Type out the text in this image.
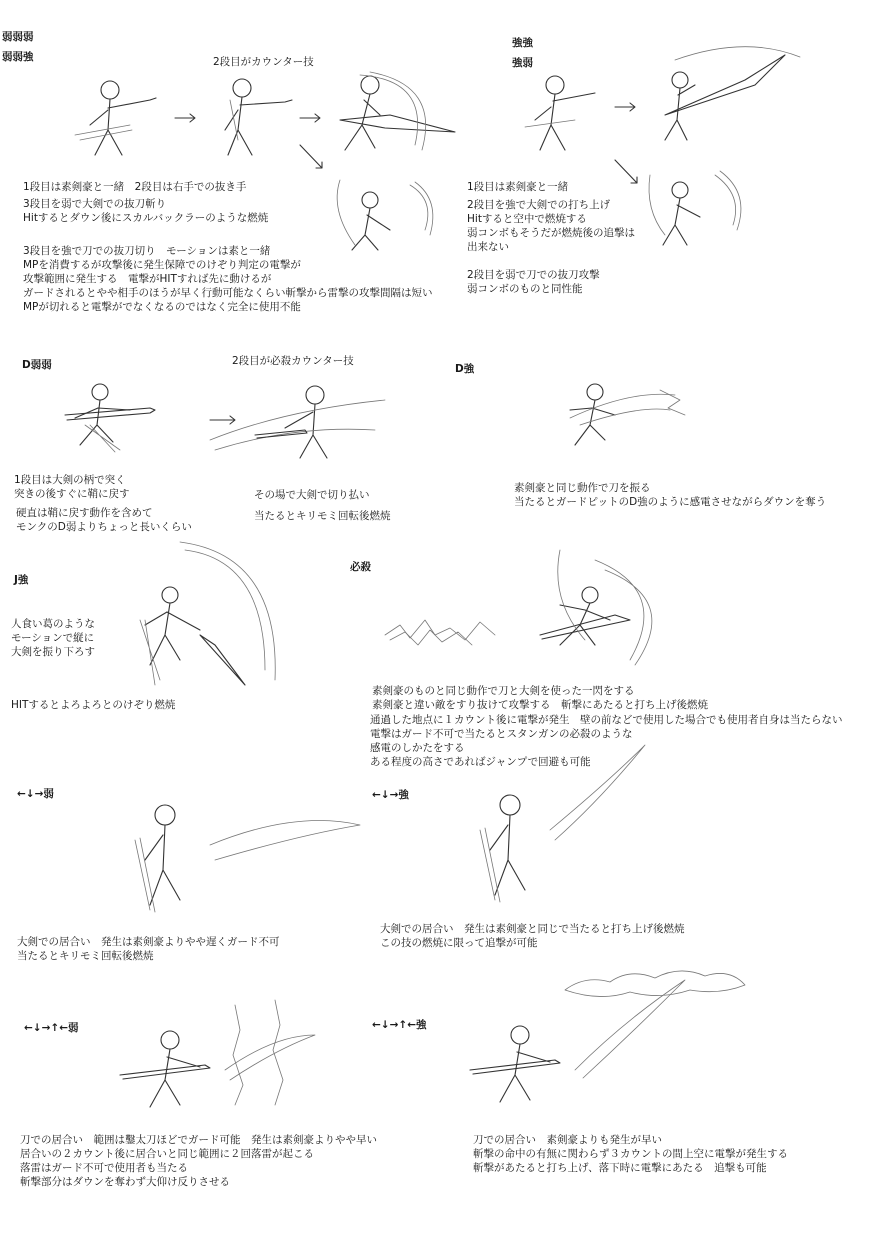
弱弱弱
弱弱強	2段目がカウンター技
1段目は素剣豪と一緒　2段目は右手での抜き手
3段目を弱で大剣での抜刀斬り
Hitするとダウン後にスカルバックラーのような燃焼
3段目を強で刀での抜刀切り　モーションは素と一緒
MPを消費するが攻撃後に発生保障でのけぞり判定の電撃が
攻撃範囲に発生する　電撃がHITすれば先に動けるが
ガードされるとやや相手のほうが早く行動可能なくらい斬撃から雷撃の攻撃間隔は短い
MPが切れると電撃がでなくなるのではなく完全に使用不能
強強
強弱
1段目は素剣豪と一緒
2段目を強で大剣での打ち上げ
Hitすると空中で燃焼する
弱コンボもそうだが燃焼後の追撃は
出来ない
2段目を弱で刀での抜刀攻撃
弱コンボのものと同性能
D弱弱	2段目が必殺カウンター技
1段目は大剣の柄で突く
突きの後すぐに鞘に戻す
硬直は鞘に戻す動作を含めて
モンクのD弱よりちょっと長いくらい
その場で大剣で切り払い
当たるとキリモミ回転後燃焼
D強
素剣豪と同じ動作で刀を振る
当たるとガードピットのD強のように感電させながらダウンを奪う
J強
人食い葛のような
モーションで縦に
大剣を振り下ろす
HITするとよろよろとのけぞり燃焼
必殺
素剣豪のものと同じ動作で刀と大剣を使った一閃をする
素剣豪と違い敵をすり抜けて攻撃する　斬撃にあたると打ち上げ後燃焼
通過した地点に１カウント後に電撃が発生　壁の前などで使用した場合でも使用者自身は当たらない
電撃はガード不可で当たるとスタンガンの必殺のような
感電のしかたをする
ある程度の高さであればジャンプで回避も可能
←↓→弱
大剣での居合い　発生は素剣豪よりやや遅くガード不可
当たるとキリモミ回転後燃焼
←↓→強
大剣での居合い　発生は素剣豪と同じで当たると打ち上げ後燃焼
この技の燃焼に限って追撃が可能
←↓→↑←弱
刀での居合い　範囲は鑿太刀ほどでガード可能　発生は素剣豪よりやや早い
居合いの２カウント後に居合いと同じ範囲に２回落雷が起こる
落雷はガード不可で使用者も当たる
斬撃部分はダウンを奪わず大仰け反りさせる
←↓→↑←強
刀での居合い　素剣豪よりも発生が早い
斬撃の命中の有無に関わらず３カウントの間上空に電撃が発生する
斬撃があたると打ち上げ、落下時に電撃にあたる　追撃も可能
